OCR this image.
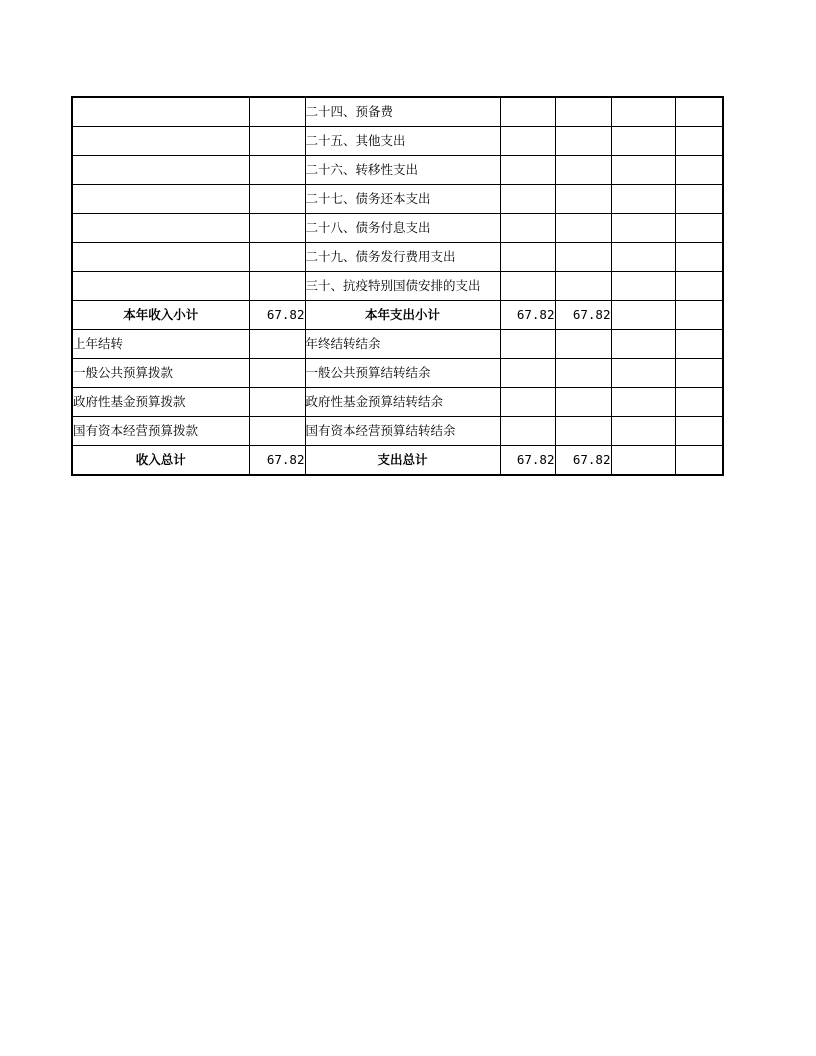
		二十四、预备费				
		二十五、其他支出				
		二十六、转移性支出				
		二十七、债务还本支出				
		二十八、债务付息支出				
		二十九、债务发行费用支出				
		三十、抗疫特别国债安排的支出				
本年收入小计	67.82	本年支出小计	67.82	67.82		
上年结转		年终结转结余				
一般公共预算拨款		一般公共预算结转结余				
政府性基金预算拨款		政府性基金预算结转结余				
国有资本经营预算拨款		国有资本经营预算结转结余				
收入总计	67.82	支出总计	67.82	67.82		
